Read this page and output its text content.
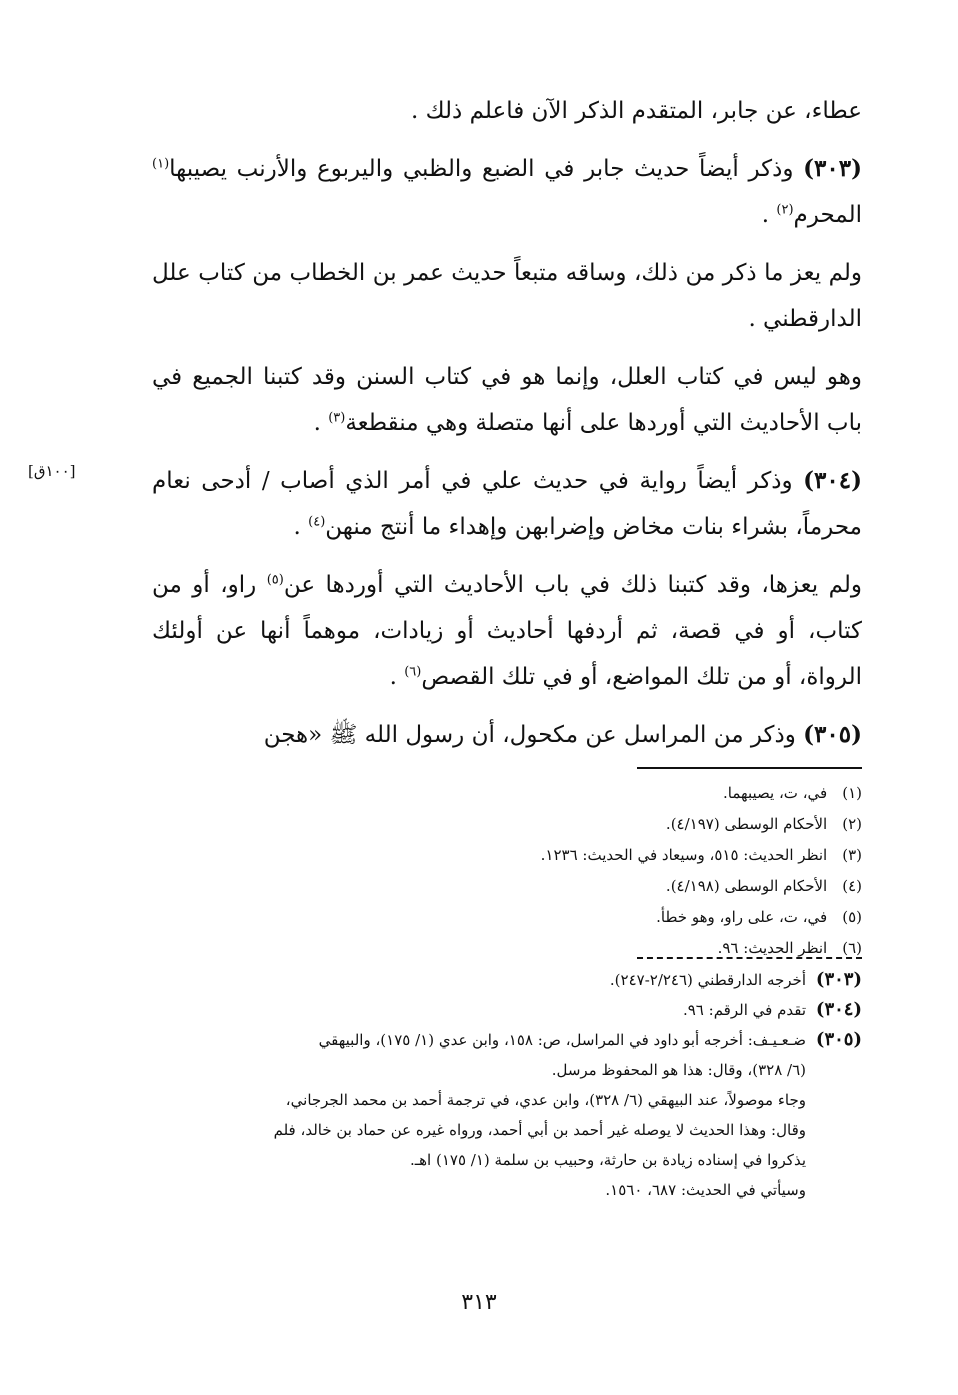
عطاء، عن جابر، المتقدم الذكر الآن فاعلم ذلك .

(٣٠٣) وذكر أيضاً حديث جابر في الضبع والظبي واليربوع والأرنب يصيبها$^{(١)}$ المحرم$^{(٢)}$ .

ولم يعز ما ذكر من ذلك، وساقه متبعاً حديث عمر بن الخطاب من كتاب علل الدارقطني .

وهو ليس في كتاب العلل، وإنما هو في كتاب السنن وقد كتبنا الجميع في باب الأحاديث التي أوردها على أنها متصلة وهي منقطعة$^{(٣)}$ .

(٣٠٤) وذكر أيضاً رواية في حديث علي في أمر الذي أصاب / أدحى نعام محرماً، بشراء بنات مخاض وإضرابهن وإهداء ما أنتج منهن$^{(٤)}$ .

ولم يعزها، وقد كتبنا ذلك في باب الأحاديث التي أوردها عن$^{(٥)}$ راو، أو من كتاب، أو في قصة، ثم أردفها أحاديث أو زيادات، موهماً أنها عن أولئك الرواة، أو من تلك المواضع، أو في تلك القصص$^{(٦)}$ .

(٣٠٥) وذكر من المراسل عن مكحول، أن رسول الله ﷺ «هجن

[١٠٠ق]
(١) في، ت، يصيبهما.
(٢) الأحكام الوسطى (٤/١٩٧).
(٣) انظر الحديث: ٥١٥، وسيعاد في الحديث: ١٢٣٦.
(٤) الأحكام الوسطى (٤/١٩٨).
(٥) في، ت، على راو، وهو خطأ.
(٦) انظر الحديث: ٩٦.
(٣٠٣)أخرجه الدارقطني (٢/٢٤٦-٢٤٧).
(٣٠٤)تقدم في الرقم: ٩٦.
(٣٠٥)ضـعـيـف: أخرجه أبو داود في المراسل، ص: ١٥٨، وابن عدي (١/ ١٧٥)، والبيهقي
(٦/ ٣٢٨)، وقال: هذا هو المحفوظ مرسل.
وجاء موصولاً، عند البيهقي (٦/ ٣٢٨)، وابن عدي، في ترجمة أحمد بن محمد الجرجاني،
وقال: وهذا الحديث لا يوصله غير أحمد بن أبي أحمد، ورواه غيره عن حماد بن خالد، فلم
يذكروا في إسناده زيادة بن حارثة، وحبيب بن سلمة (١/ ١٧٥) اهـ.
وسيأتي في الحديث: ٦٨٧، ١٥٦٠.
٣١٣
